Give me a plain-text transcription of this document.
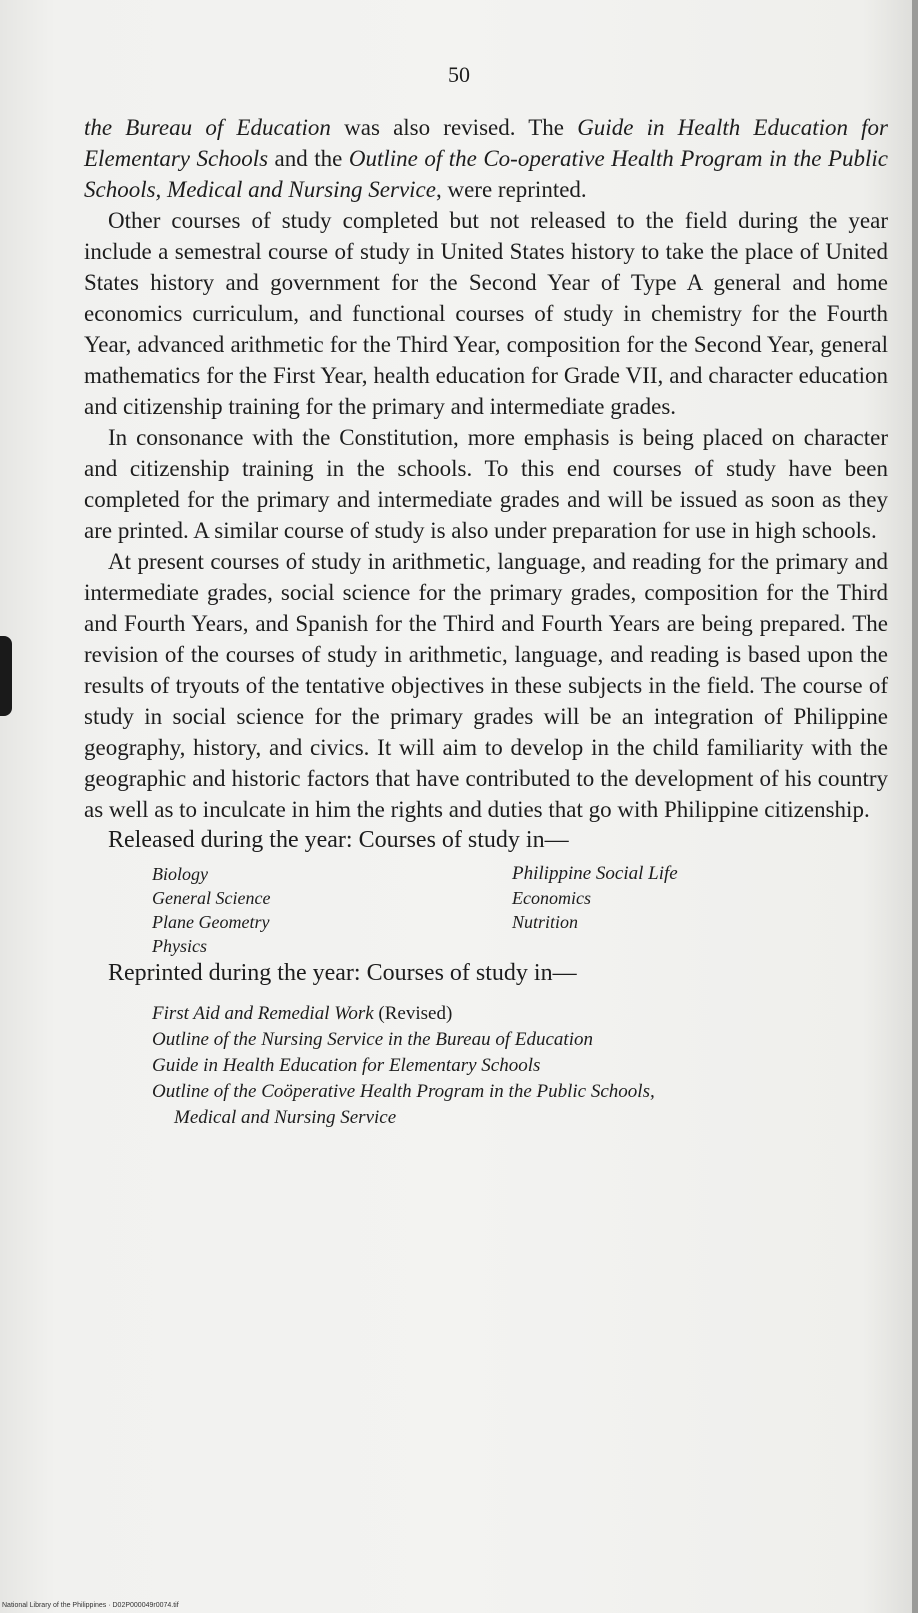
50

the Bureau of Education was also revised. The Guide in Health Education for Elementary Schools and the Outline of the Co-operative Health Program in the Public Schools, Medical and Nursing Service, were reprinted.

Other courses of study completed but not released to the field during the year include a semestral course of study in United States history to take the place of United States history and government for the Second Year of Type A general and home economics curriculum, and functional courses of study in chemistry for the Fourth Year, advanced arithmetic for the Third Year, composition for the Second Year, general mathematics for the First Year, health education for Grade VII, and character education and citizenship training for the primary and intermediate grades.

In consonance with the Constitution, more emphasis is being placed on character and citizenship training in the schools. To this end courses of study have been completed for the primary and intermediate grades and will be issued as soon as they are printed. A similar course of study is also under preparation for use in high schools.

At present courses of study in arithmetic, language, and reading for the primary and intermediate grades, social science for the primary grades, composition for the Third and Fourth Years, and Spanish for the Third and Fourth Years are being prepared. The revision of the courses of study in arithmetic, language, and reading is based upon the results of tryouts of the tentative objectives in these subjects in the field. The course of study in social science for the primary grades will be an integration of Philippine geography, history, and civics. It will aim to develop in the child familiarity with the geographic and historic factors that have contributed to the development of his country as well as to inculcate in him the rights and duties that go with Philippine citizenship.

Released during the year: Courses of study in—

Biology
General Science
Plane Geometry
Physics
Philippine Social Life
Economics
Nutrition

Reprinted during the year: Courses of study in—

First Aid and Remedial Work (Revised)
Outline of the Nursing Service in the Bureau of Education
Guide in Health Education for Elementary Schools
Outline of the Coöperative Health Program in the Public Schools,
Medical and Nursing Service
National Library of the Philippines · D02P000049r0074.tif
